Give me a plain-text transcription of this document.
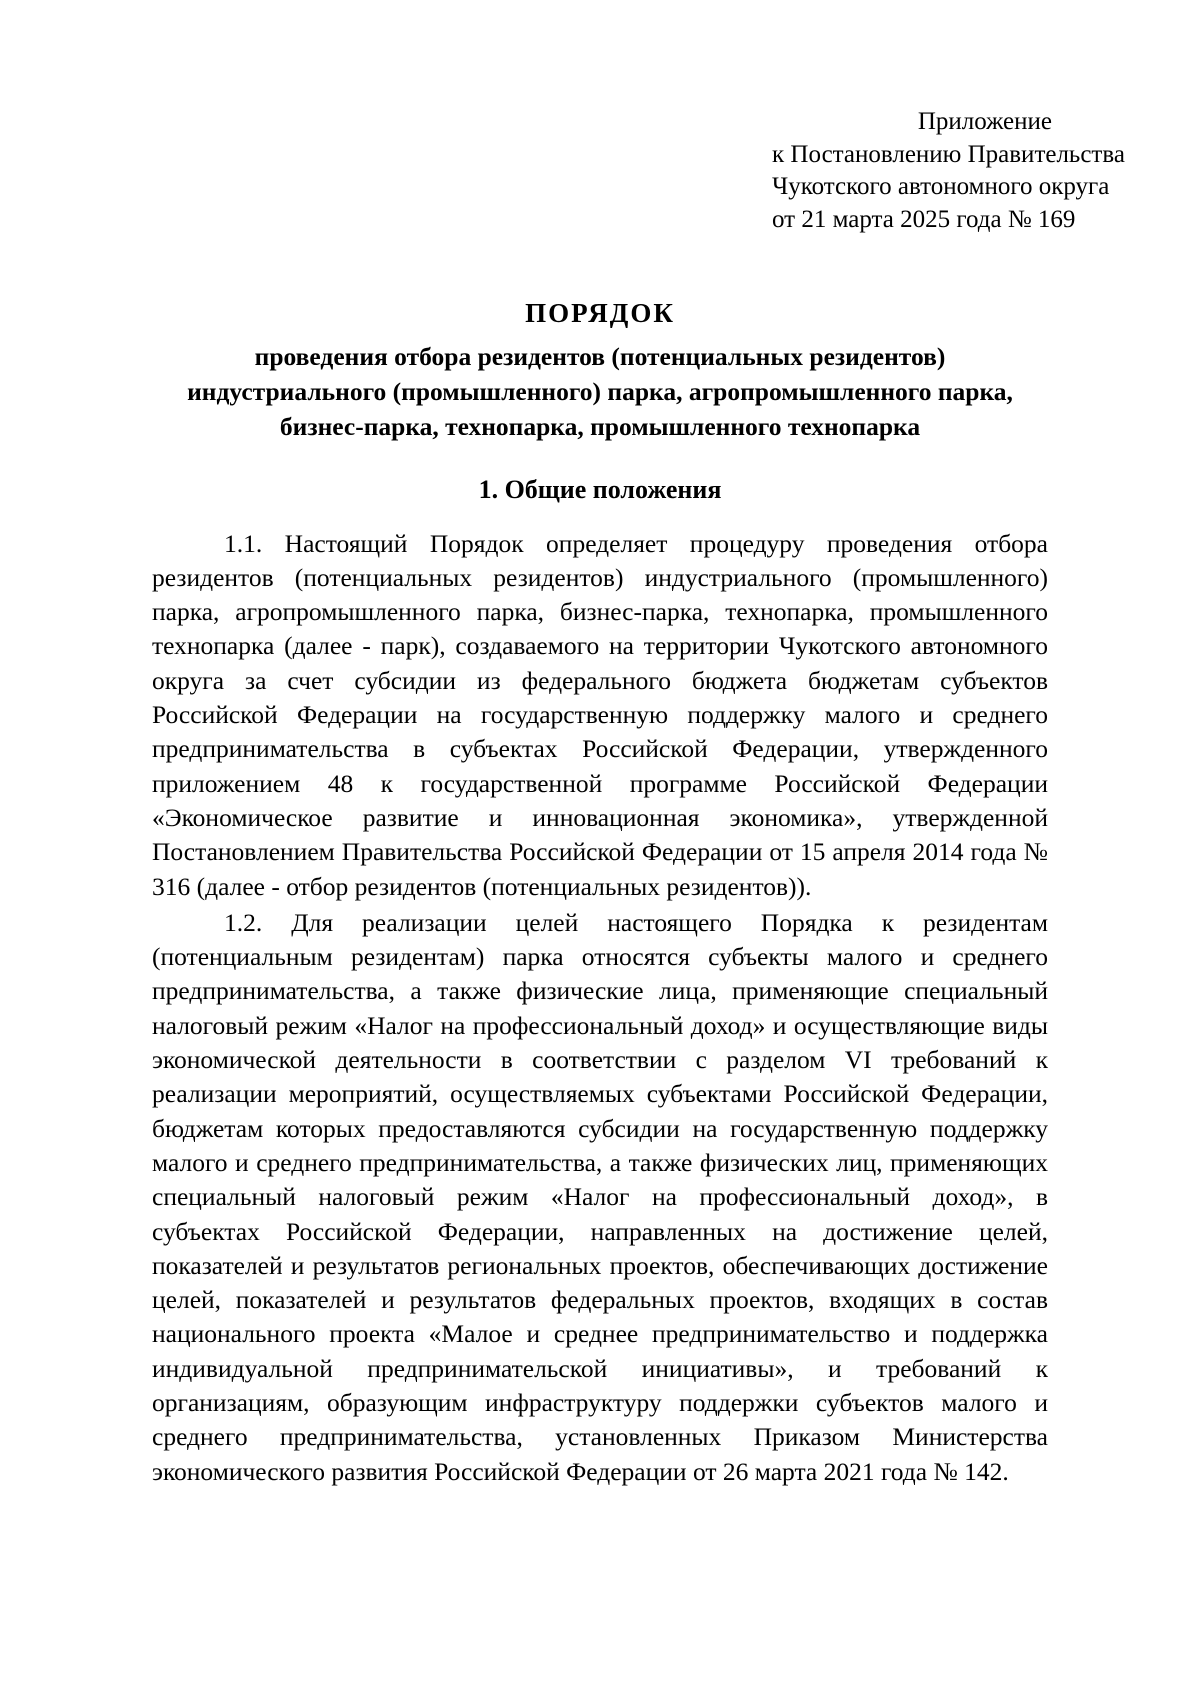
Приложение
к Постановлению Правительства
Чукотского автономного округа
от 21 марта 2025 года № 169
ПОРЯДОК
проведения отбора резидентов (потенциальных резидентов)
индустриального (промышленного) парка, агропромышленного парка,
бизнес-парка, технопарка, промышленного технопарка
1. Общие положения

1.1. Настоящий Порядок определяет процедуру проведения отбора резидентов (потенциальных резидентов) индустриального (промышленного) парка, агропромышленного парка, бизнес-парка, технопарка, промышленного технопарка (далее - парк), создаваемого на территории Чукотского автономного округа за счет субсидии из федерального бюджета бюджетам субъектов Российской Федерации на государственную поддержку малого и среднего предпринимательства в субъектах Российской Федерации, утвержденного приложением 48 к государственной программе Российской Федерации «Экономическое развитие и инновационная экономика», утвержденной Постановлением Правительства Российской Федерации от 15 апреля 2014 года № 316 (далее - отбор резидентов (потенциальных резидентов)).

1.2. Для реализации целей настоящего Порядка к резидентам (потенциальным резидентам) парка относятся субъекты малого и среднего предпринимательства, а также физические лица, применяющие специальный налоговый режим «Налог на профессиональный доход» и осуществляющие виды экономической деятельности в соответствии с разделом VI требований к реализации мероприятий, осуществляемых субъектами Российской Федерации, бюджетам которых предоставляются субсидии на государственную поддержку малого и среднего предпринимательства, а также физических лиц, применяющих специальный налоговый режим «Налог на профессиональный доход», в субъектах Российской Федерации, направленных на достижение целей, показателей и результатов региональных проектов, обеспечивающих достижение целей, показателей и результатов федеральных проектов, входящих в состав национального проекта «Малое и среднее предпринимательство и поддержка индивидуальной предпринимательской инициативы», и требований к организациям, образующим инфраструктуру поддержки субъектов малого и среднего предпринимательства, установленных Приказом Министерства экономического развития Российской Федерации от 26 марта 2021 года № 142.
